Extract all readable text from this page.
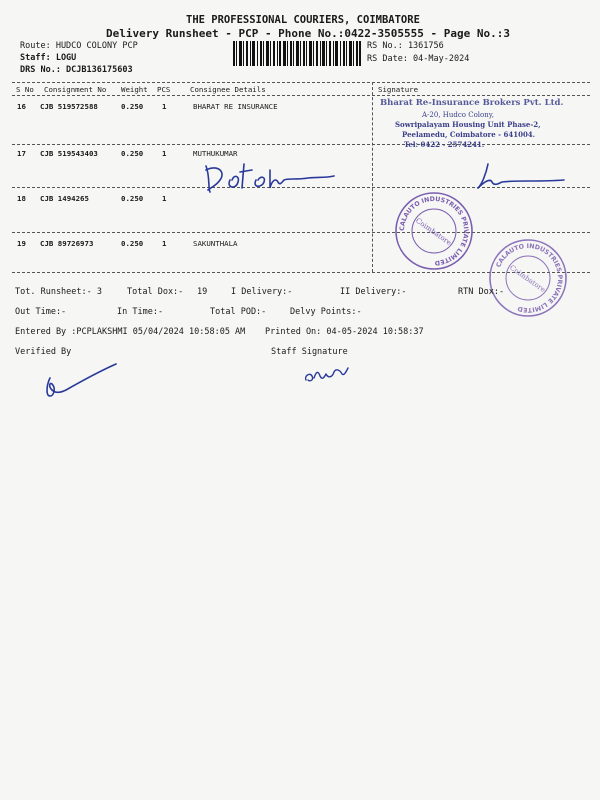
THE PROFESSIONAL COURIERS, COIMBATORE
Delivery Runsheet - PCP - Phone No.:0422-3505555 - Page No.:3
Route: HUDCO COLONY PCP
Staff: LOGU
DRS No.: DCJB136175603
RS No.: 1361756
RS Date: 04-May-2024
S No Consignment No Weight PCS	Consignee Details	Signature
16 CJB 519572588	0.250	1	BHARAT RE INSURANCE
17 CJB 519543403	0.250	1	MUTHUKUMAR
18 CJB 1494265	0.250	1
19 CJB 89726973	0.250	1	SAKUNTHALA
Bharat Re-Insurance Brokers Pvt. Ltd.
A-20, Hudco Colony,
Sowripalayam Housing Unit Phase-2,
Peelamedu, Coimbatore - 641004.
Tel: 0422 - 2574241.
CALAUTO INDUSTRIES PRIVATE LIMITED
Coimbatore
CALAUTO INDUSTRIES PRIVATE LIMITED
Coimbatore
Tot. Runsheet:- 3	Total Dox:- 19	I Delivery:-	II Delivery:-	RTN Dox:-
Out Time:-	In Time:-	Total POD:-	Delvy Points:-
Entered By :PCPLAKSHMI 05/04/2024 10:58:05 AM Printed On: 04-05-2024 10:58:37
Verified By	Staff Signature
